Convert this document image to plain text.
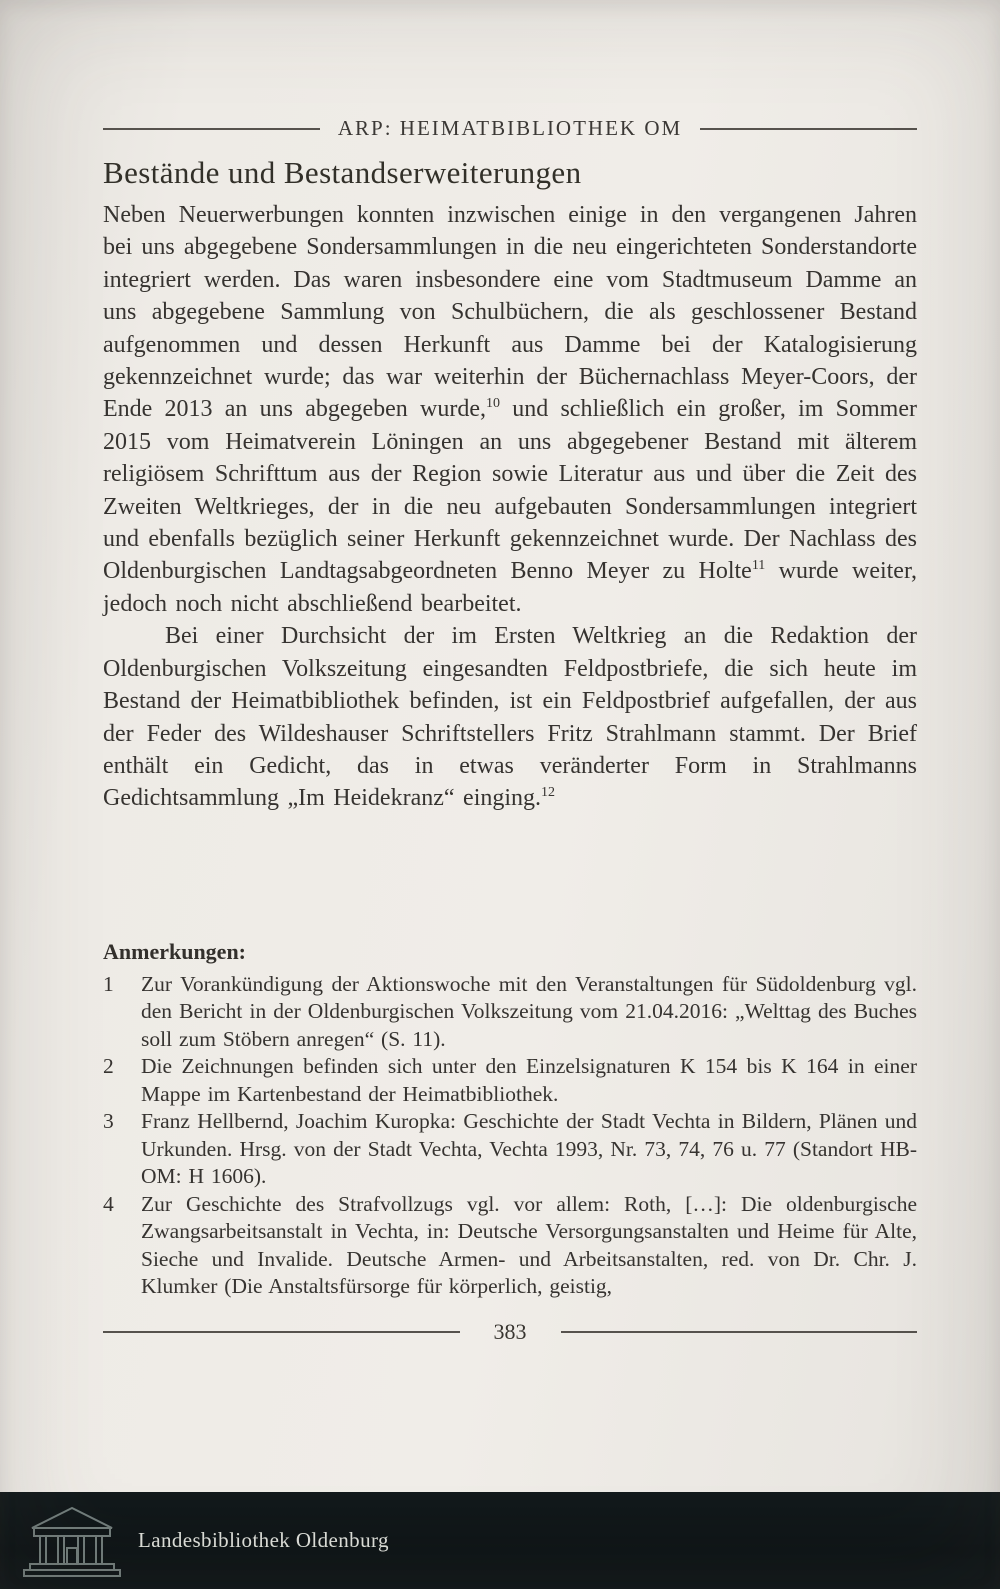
ARP: HEIMATBIBLIOTHEK OM
Bestände und Bestandserweiterungen

Neben Neuerwerbungen konnten inzwischen einige in den vergangenen Jahren bei uns abgegebene Sondersammlungen in die neu eingerichteten Sonderstandorte integriert werden. Das waren insbesondere eine vom Stadtmuseum Damme an uns abgegebene Sammlung von Schulbüchern, die als geschlossener Bestand aufgenommen und dessen Herkunft aus Damme bei der Katalogisierung gekennzeichnet wurde; das war weiterhin der Büchernachlass Meyer-Coors, der Ende 2013 an uns abgegeben wurde,$^{10}$ und schließlich ein großer, im Sommer 2015 vom Heimatverein Löningen an uns abgegebener Bestand mit älterem religiösem Schrifttum aus der Region sowie Literatur aus und über die Zeit des Zweiten Weltkrieges, der in die neu aufgebauten Sondersammlungen integriert und ebenfalls bezüglich seiner Herkunft gekennzeichnet wurde. Der Nachlass des Oldenburgischen Landtagsabgeordneten Benno Meyer zu Holte$^{11}$ wurde weiter, jedoch noch nicht abschließend bearbeitet.

Bei einer Durchsicht der im Ersten Weltkrieg an die Redaktion der Oldenburgischen Volkszeitung eingesandten Feldpostbriefe, die sich heute im Bestand der Heimatbibliothek befinden, ist ein Feldpostbrief aufgefallen, der aus der Feder des Wildeshauser Schriftstellers Fritz Strahlmann stammt. Der Brief enthält ein Gedicht, das in etwas veränderter Form in Strahlmanns Gedichtsammlung „Im Heidekranz“ einging.$^{12}$

Anmerkungen:
1	Zur Vorankündigung der Aktionswoche mit den Veranstaltungen für Südoldenburg vgl. den Bericht in der Oldenburgischen Volkszeitung vom 21.04.2016: „Welttag des Buches soll zum Stöbern anregen“ (S. 11).
2	Die Zeichnungen befinden sich unter den Einzelsignaturen K 154 bis K 164 in einer Mappe im Kartenbestand der Heimatbibliothek.
3	Franz Hellbernd, Joachim Kuropka: Geschichte der Stadt Vechta in Bildern, Plänen und Urkunden. Hrsg. von der Stadt Vechta, Vechta 1993, Nr. 73, 74, 76 u. 77 (Standort HB-OM: H 1606).
4	Zur Geschichte des Strafvollzugs vgl. vor allem: Roth, […]: Die oldenburgische Zwangsarbeitsanstalt in Vechta, in: Deutsche Versorgungsanstalten und Heime für Alte, Sieche und Invalide. Deutsche Armen- und Arbeitsanstalten, red. von Dr. Chr. J. Klumker (Die Anstaltsfürsorge für körperlich, geistig,
383
Landesbibliothek Oldenburg
